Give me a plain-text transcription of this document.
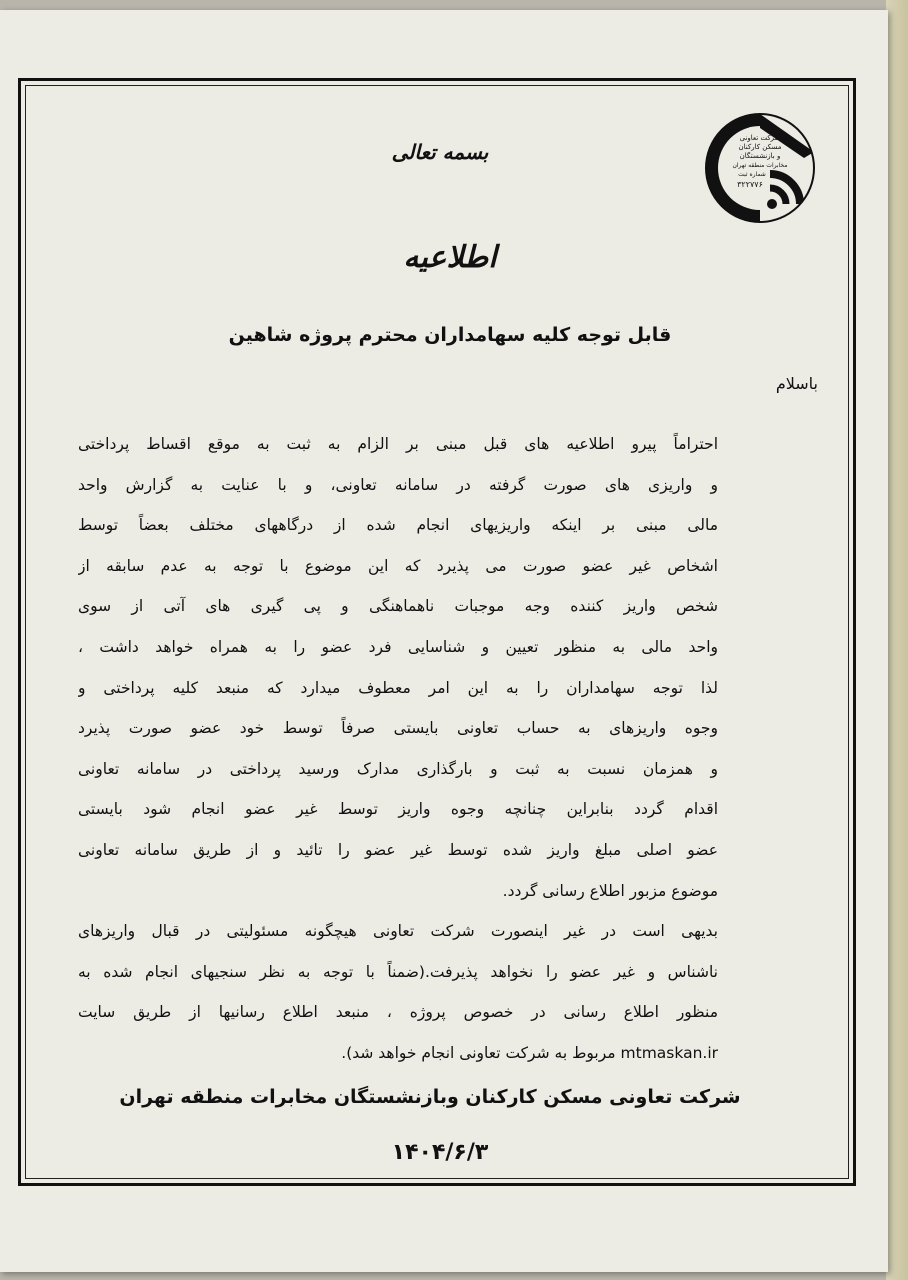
شرکت تعاونی
مسکن کارکنان
و بازنشستگان
مخابرات منطقه تهران
شماره ثبت
۳۲۲۷۷۶
بسمه تعالی
اطلاعیه
قابل توجه کلیه سهامداران محترم پروژه شاهین
باسلام
احتراماً پیرو اطلاعیه های قبل مبنی بر الزام به ثبت به موقع اقساط پرداختی
و واریزی های صورت گرفته در سامانه تعاونی، و با عنایت به گزارش واحد
مالی مبنی بر اینکه واریزیهای انجام شده از درگاههای مختلف بعضاً توسط
اشخاص غیر عضو صورت می پذیرد که این موضوع با توجه به عدم سابقه از
شخص واریز کننده وجه موجبات ناهماهنگی و پی گیری های آتی از سوی
واحد مالی به منظور تعیین و شناسایی فرد عضو را به همراه خواهد داشت ،
لذا توجه سهامداران را به این امر معطوف میدارد که منبعد کلیه پرداختی و
وجوه واریزهای به حساب تعاونی بایستی صرفاً توسط خود عضو صورت پذیرد
و همزمان نسبت به ثبت و بارگذاری مدارک ورسید پرداختی در سامانه تعاونی
اقدام گردد بنابراین چنانچه وجوه واریز توسط غیر عضو انجام شود بایستی
عضو اصلی مبلغ واریز شده توسط غیر عضو را تائید و از طریق سامانه تعاونی
موضوع مزبور اطلاع رسانی گردد.
بدیهی است در غیر اینصورت شرکت تعاونی هیچگونه مسئولیتی در قبال واریزهای
ناشناس و غیر عضو را نخواهد پذیرفت.(ضمناً با توجه به نظر سنجیهای انجام شده به
منظور اطلاع رسانی در خصوص پروژه ، منبعد اطلاع رسانیها از طریق سایت
mtmaskan.ir مربوط به شرکت تعاونی انجام خواهد شد).
شرکت تعاونی مسکن کارکنان وبازنشستگان مخابرات منطقه تهران
۱۴۰۴/۶/۳
